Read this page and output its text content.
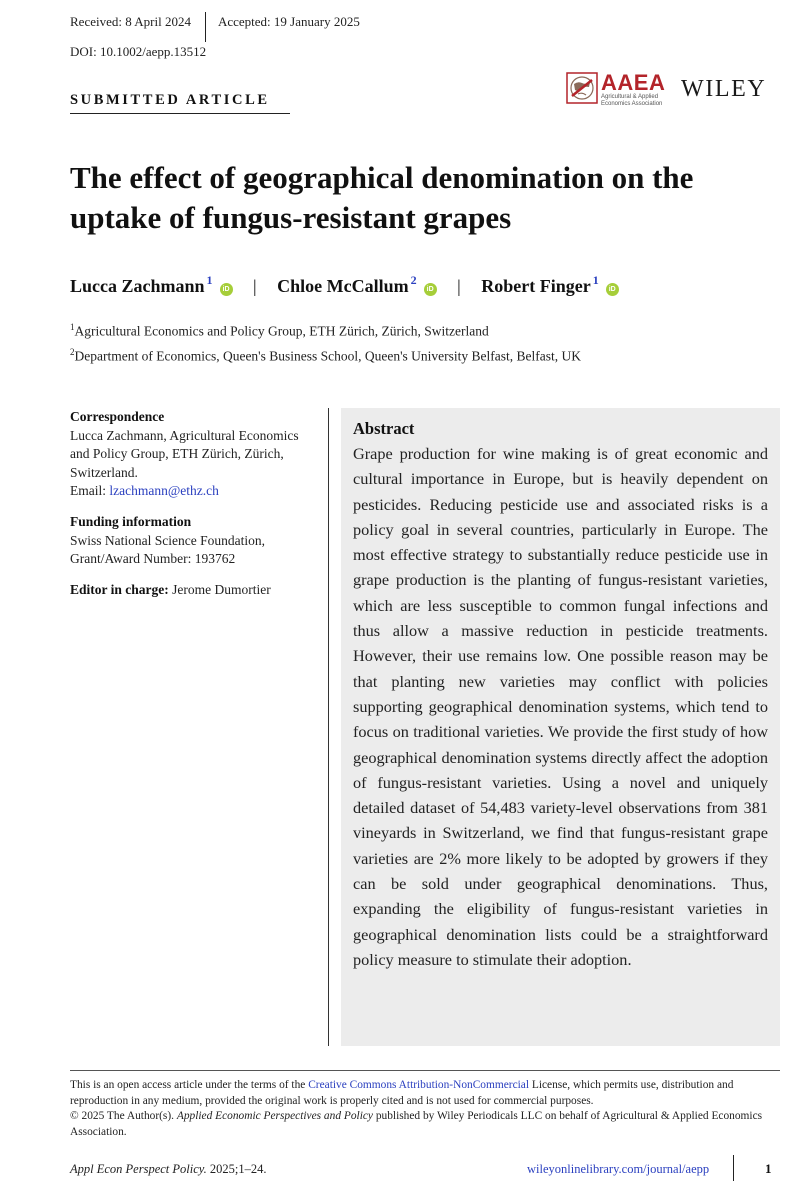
Received: 8 April 2024 Accepted: 19 January 2025
DOI: 10.1002/aepp.13512
SUBMITTED ARTICLE
AAEA
Agricultural & Applied Economics Association
WILEY
The effect of geographical denomination on the uptake of fungus-resistant grapes
Lucca Zachmann $^1$iD | Chloe McCallum $^2$iD | Robert Finger $^1$iD
$^1$Agricultural Economics and Policy Group, ETH Zürich, Zürich, Switzerland
$^2$Department of Economics, Queen's Business School, Queen's University Belfast, Belfast, UK
Correspondence
Lucca Zachmann, Agricultural Economics and Policy Group, ETH Zürich, Zürich, Switzerland.
Email: lzachmann@ethz.ch
Funding information
Swiss National Science Foundation, Grant/Award Number: 193762
Editor in charge: Jerome Dumortier
Abstract
Grape production for wine making is of great economic and cultural importance in Europe, but is heavily dependent on pesticides. Reducing pesticide use and associated risks is a policy goal in several countries, particularly in Europe. The most effective strategy to substantially reduce pesticide use in grape production is the planting of fungus-resistant varieties, which are less susceptible to common fungal infections and thus allow a massive reduction in pesticide treatments. However, their use remains low. One possible reason may be that planting new varieties may conflict with policies supporting geographical denomination systems, which tend to focus on traditional varieties. We provide the first study of how geographical denomination systems directly affect the adoption of fungus-resistant varieties. Using a novel and uniquely detailed dataset of 54,483 variety-level observations from 381 vineyards in Switzerland, we find that fungus-resistant grape varieties are 2% more likely to be adopted by growers if they can be sold under geographical denominations. Thus, expanding the eligibility of fungus-resistant varieties in geographical denomination lists could be a straightforward policy measure to stimulate their adoption.
This is an open access article under the terms of the Creative Commons Attribution-NonCommercial License, which permits use, distribution and reproduction in any medium, provided the original work is properly cited and is not used for commercial purposes.
© 2025 The Author(s). Applied Economic Perspectives and Policy published by Wiley Periodicals LLC on behalf of Agricultural & Applied Economics Association.
Appl Econ Perspect Policy. 2025;1–24.	wileyonlinelibrary.com/journal/aepp	1
